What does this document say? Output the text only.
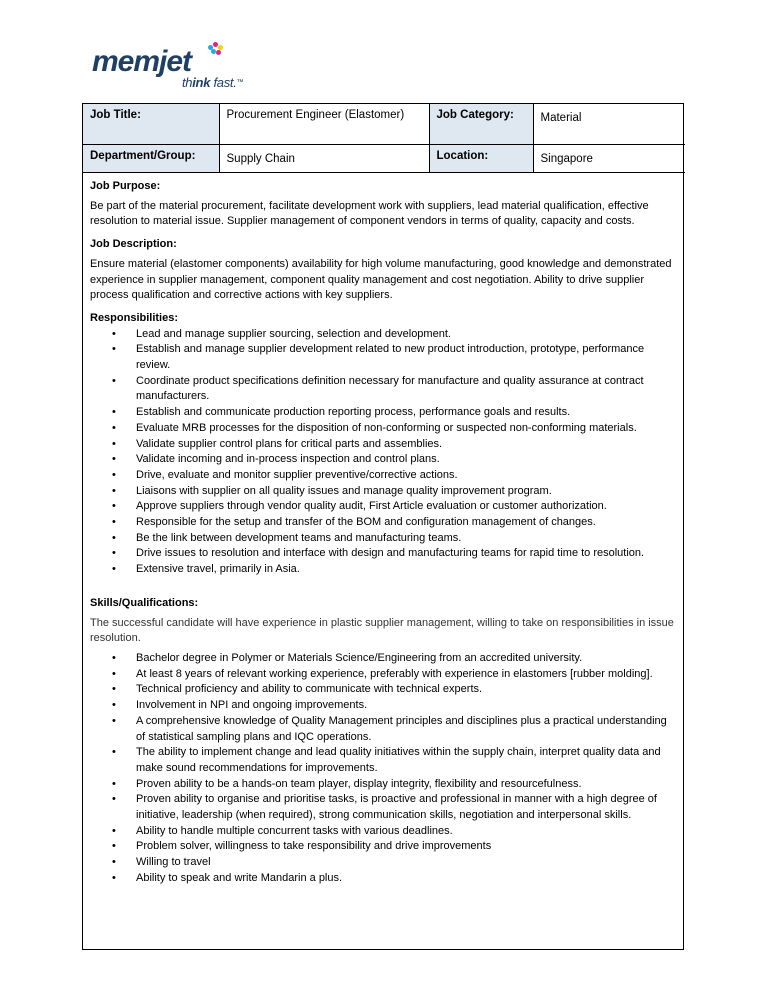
memjet
think fast.™
Job Title:	Procurement Engineer (Elastomer)	Job Category:	Material
Department/Group:	Supply Chain	Location:	Singapore

Job Purpose:

Be part of the material procurement, facilitate development work with suppliers, lead material qualification, effective resolution to material issue. Supplier management of component vendors in terms of quality, capacity and costs.

Job Description:

Ensure material (elastomer components) availability for high volume manufacturing, good knowledge and demonstrated experience in supplier management, component quality management and cost negotiation. Ability to drive supplier process qualification and corrective actions with key suppliers.

Responsibilities:

• Lead and manage supplier sourcing, selection and development.
• Establish and manage supplier development related to new product introduction, prototype, performance review.
• Coordinate product specifications definition necessary for manufacture and quality assurance at contract manufacturers.
• Establish and communicate production reporting process, performance goals and results.
• Evaluate MRB processes for the disposition of non-conforming or suspected non-conforming materials.
• Validate supplier control plans for critical parts and assemblies.
• Validate incoming and in-process inspection and control plans.
• Drive, evaluate and monitor supplier preventive/corrective actions.
• Liaisons with supplier on all quality issues and manage quality improvement program.
• Approve suppliers through vendor quality audit, First Article evaluation or customer authorization.
• Responsible for the setup and transfer of the BOM and configuration management of changes.
• Be the link between development teams and manufacturing teams.
• Drive issues to resolution and interface with design and manufacturing teams for rapid time to resolution.
• Extensive travel, primarily in Asia.

Skills/Qualifications:

The successful candidate will have experience in plastic supplier management, willing to take on responsibilities in issue resolution.

• Bachelor degree in Polymer or Materials Science/Engineering from an accredited university.
• At least 8 years of relevant working experience, preferably with experience in elastomers [rubber molding].
• Technical proficiency and ability to communicate with technical experts.
• Involvement in NPI and ongoing improvements.
• A comprehensive knowledge of Quality Management principles and disciplines plus a practical understanding of statistical sampling plans and IQC operations.
• The ability to implement change and lead quality initiatives within the supply chain, interpret quality data and make sound recommendations for improvements.
• Proven ability to be a hands-on team player, display integrity, flexibility and resourcefulness.
• Proven ability to organise and prioritise tasks, is proactive and professional in manner with a high degree of initiative, leadership (when required), strong communication skills, negotiation and interpersonal skills.
• Ability to handle multiple concurrent tasks with various deadlines.
• Problem solver, willingness to take responsibility and drive improvements
• Willing to travel
• Ability to speak and write Mandarin a plus.
